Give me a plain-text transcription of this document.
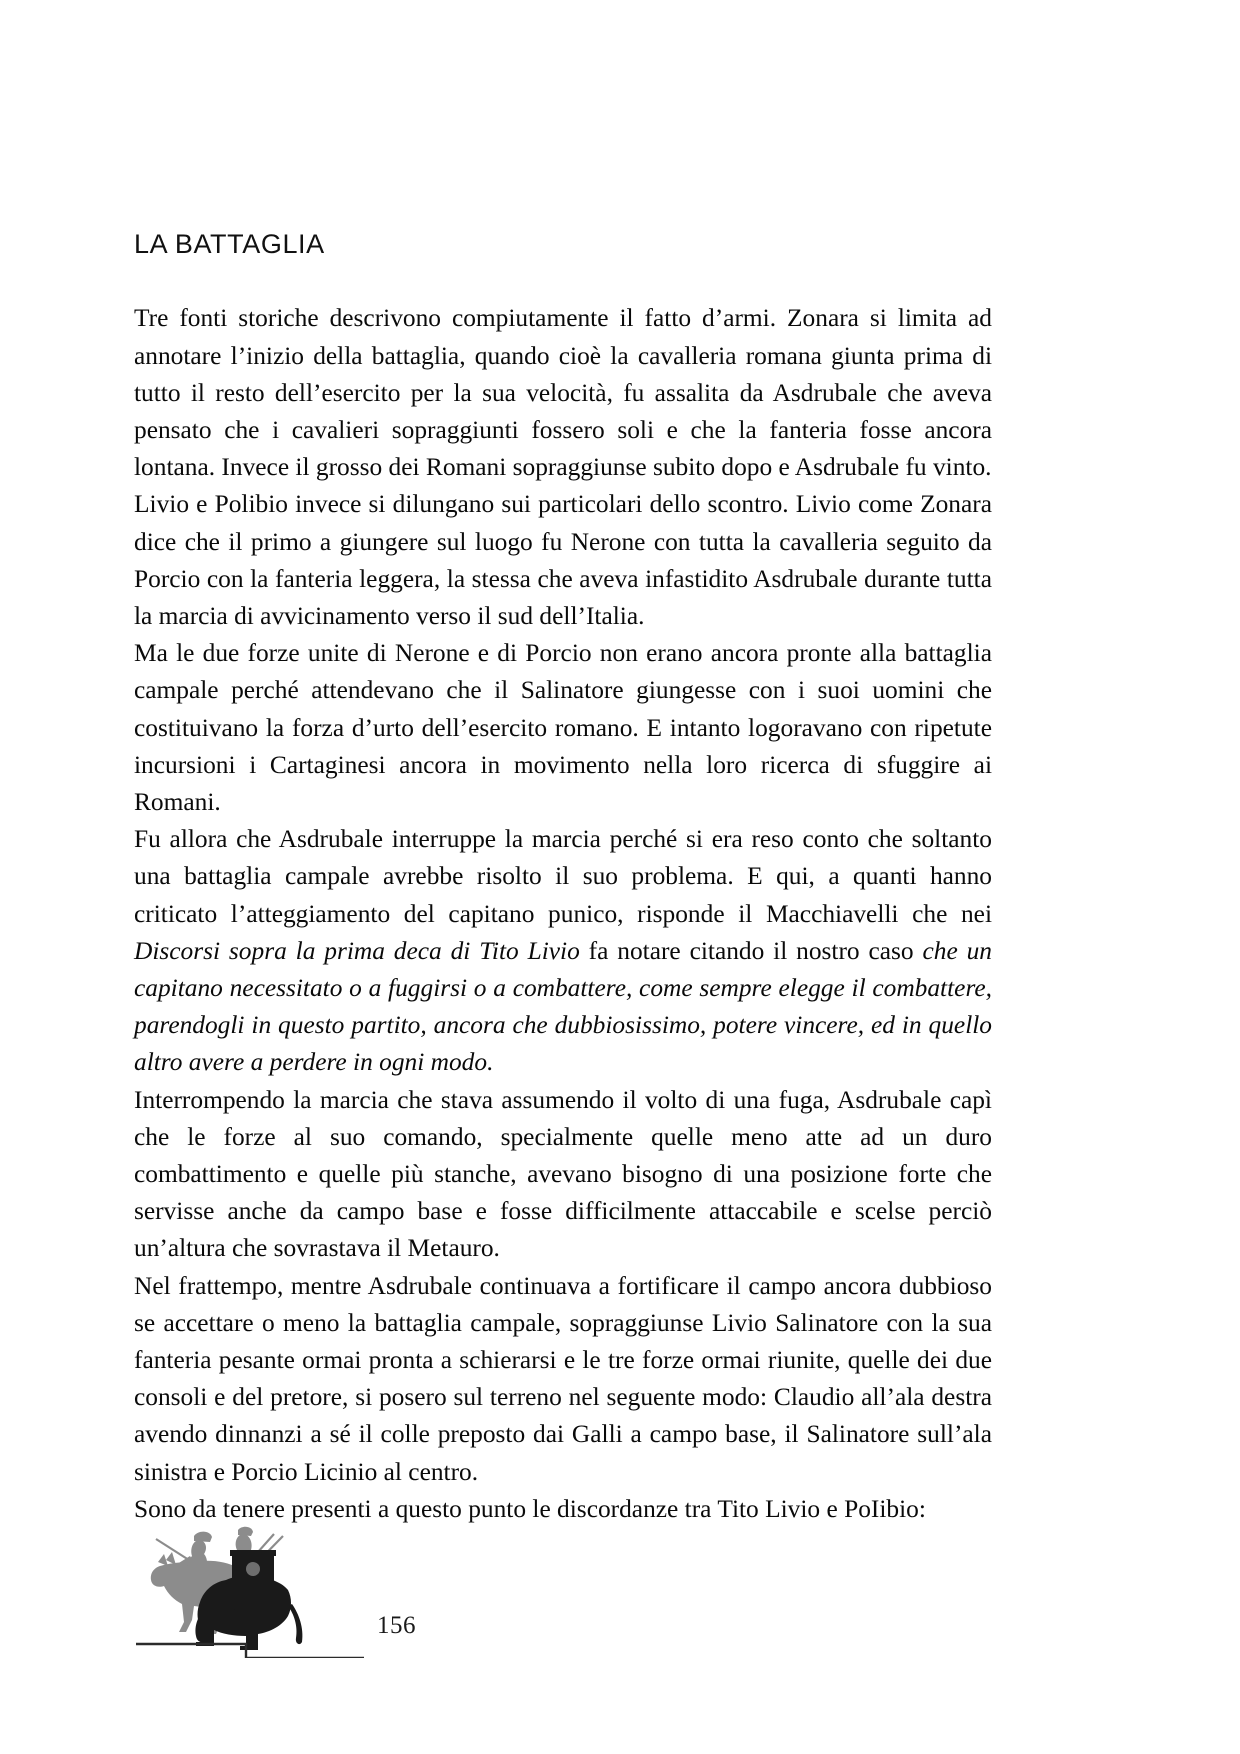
LA BATTAGLIA

Tre fonti storiche descrivono compiutamente il fatto d’armi. Zonara si limita ad annotare l’inizio della battaglia, quando cioè la cavalleria romana giunta prima di tutto il resto dell’esercito per la sua velocità, fu assalita da Asdrubale che aveva pensato che i cavalieri sopraggiunti fossero soli e che la fanteria fosse ancora lontana. Invece il grosso dei Romani sopraggiunse subito dopo e Asdrubale fu vinto.

Livio e Polibio invece si dilungano sui particolari dello scontro. Livio come Zonara dice che il primo a giungere sul luogo fu Nerone con tutta la cavalleria seguito da Porcio con la fanteria leggera, la stessa che aveva infastidito Asdrubale durante tutta la marcia di avvicinamento verso il sud dell’Italia.

Ma le due forze unite di Nerone e di Porcio non erano ancora pronte alla battaglia campale perché attendevano che il Salinatore giungesse con i suoi uomini che costituivano la forza d’urto dell’esercito romano. E intanto logoravano con ripetute incursioni i Cartaginesi ancora in movimento nella loro ricerca di sfuggire ai Romani.

Fu allora che Asdrubale interruppe la marcia perché si era reso conto che soltanto una battaglia campale avrebbe risolto il suo problema. E qui, a quanti hanno criticato l’atteggiamento del capitano punico, risponde il Macchiavelli che nei Discorsi sopra la prima deca di Tito Livio fa notare citando il nostro caso che un capitano necessitato o a fuggirsi o a combattere, come sempre elegge il combattere, parendogli in questo partito, ancora che dubbiosissimo, potere vincere, ed in quello altro avere a perdere in ogni modo.

Interrompendo la marcia che stava assumendo il volto di una fuga, Asdrubale capì che le forze al suo comando, specialmente quelle meno atte ad un duro combattimento e quelle più stanche, avevano bisogno di una posizione forte che servisse anche da campo base e fosse difficilmente attaccabile e scelse perciò un’altura che sovrastava il Metauro.

Nel frattempo, mentre Asdrubale continuava a fortificare il campo ancora dubbioso se accettare o meno la battaglia campale, sopraggiunse Livio Salinatore con la sua fanteria pesante ormai pronta a schierarsi e le tre forze ormai riunite, quelle dei due consoli e del pretore, si posero sul terreno nel seguente modo: Claudio all’ala destra avendo dinnanzi a sé il colle preposto dai Galli a campo base, il Salinatore sull’ala sinistra e Porcio Licinio al centro.

Sono da tenere presenti a questo punto le discordanze tra Tito Livio e PoIibio:

156
